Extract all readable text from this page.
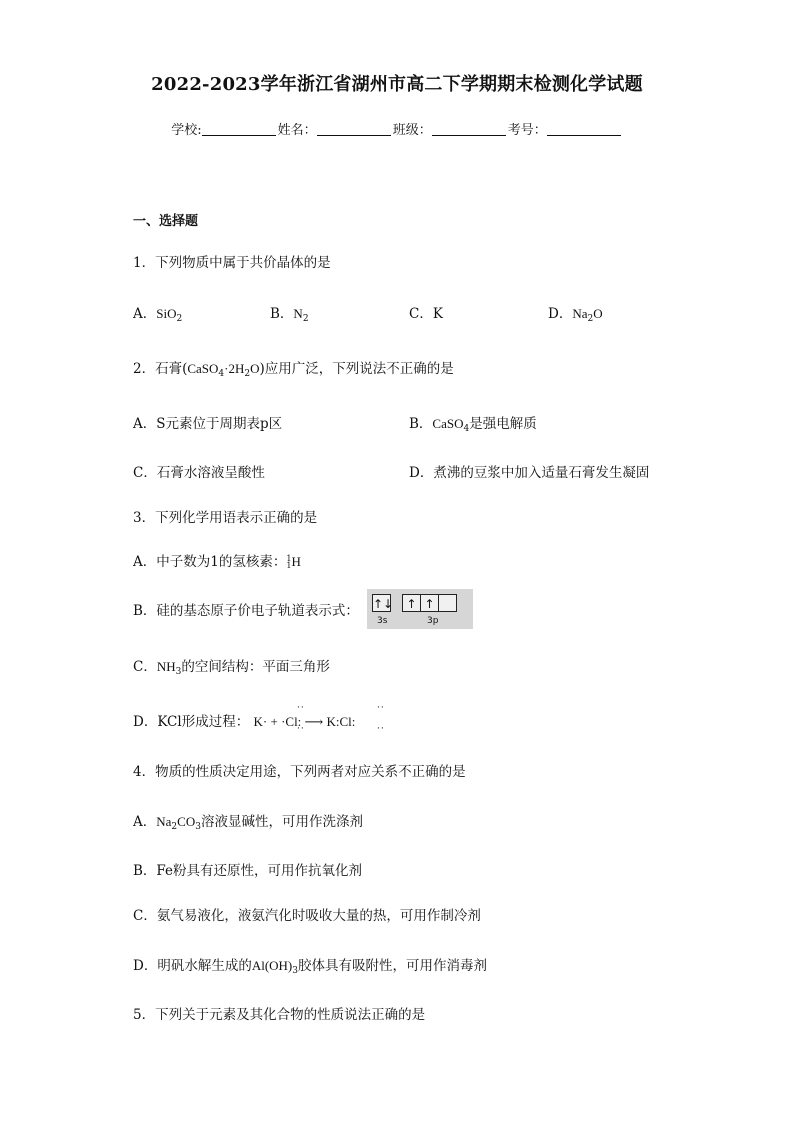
2022-2023学年浙江省湖州市高二下学期期末检测化学试题
学校:	姓名：	班级：	考号：
一、选择题
1．下列物质中属于共价晶体的是
A．SiO$_2$	B．$N_2$	C．K	D．$Na_2O$
2．石膏$(CaSO_4\cdot 2H_2O)$应用广泛，下列说法不正确的是
A．S元素位于周期表p区	B．CaSO$_4$是强电解质
C．石膏水溶液呈酸性	D．煮沸的豆浆中加入适量石膏发生凝固
3．下列化学用语表示正确的是
A．中子数为1的氢核素： 1
1 H
B．硅的基态原子价电子轨道表示式： ↑↓	↑ ↑
3s	3p
C．$NH_3$的空间结构：平面三角形
D．KCl形成过程： K· + ·Cl: ⟶ K:Cl:
··
··
··
··
4．物质的性质决定用途，下列两者对应关系不正确的是
A．$Na_2CO_3$溶液显碱性，可用作洗涤剂
B．Fe粉具有还原性，可用作抗氧化剂
C．氨气易液化，液氨汽化时吸收大量的热，可用作制冷剂
D．明矾水解生成的$Al(OH)_3$胶体具有吸附性，可用作消毒剂
5．下列关于元素及其化合物的性质说法正确的是
